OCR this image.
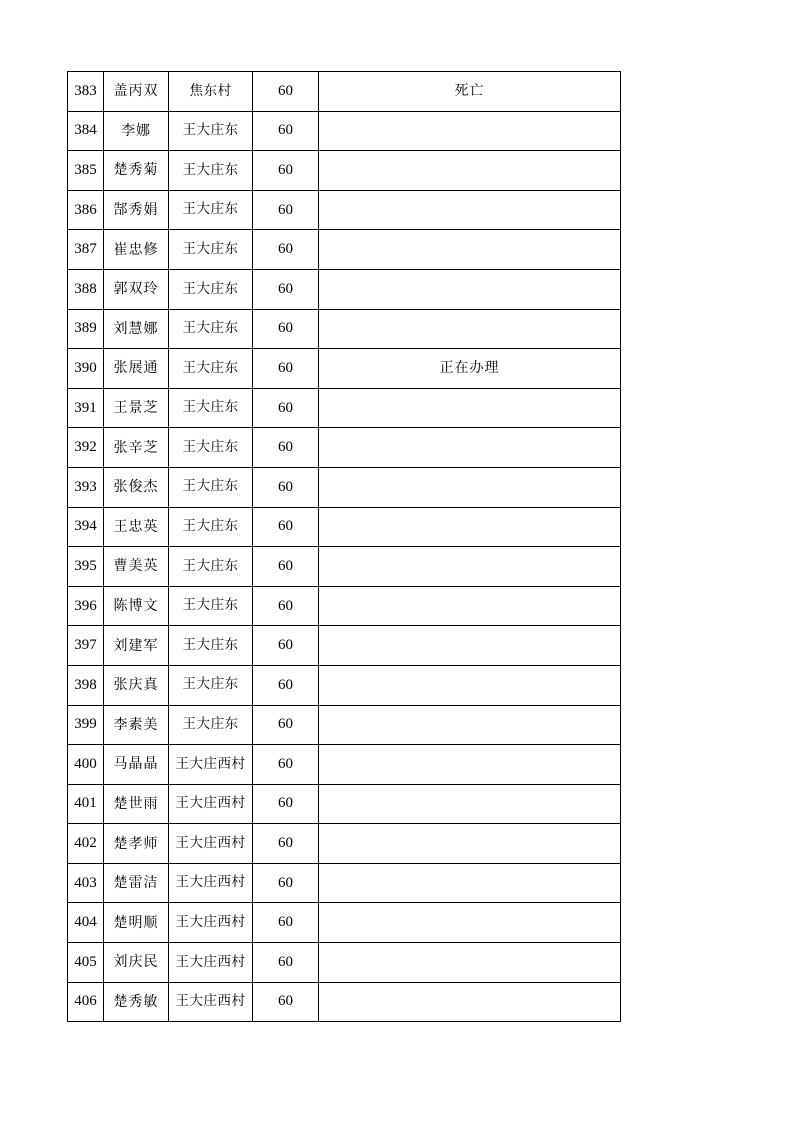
383	盖丙双	焦东村	60	死亡
384	李娜	王大庄东	60	
385	楚秀菊	王大庄东	60	
386	郜秀娟	王大庄东	60	
387	崔忠修	王大庄东	60	
388	郭双玲	王大庄东	60	
389	刘慧娜	王大庄东	60	
390	张展通	王大庄东	60	正在办理
391	王景芝	王大庄东	60	
392	张辛芝	王大庄东	60	
393	张俊杰	王大庄东	60	
394	王忠英	王大庄东	60	
395	曹美英	王大庄东	60	
396	陈博文	王大庄东	60	
397	刘建军	王大庄东	60	
398	张庆真	王大庄东	60	
399	李素美	王大庄东	60	
400	马晶晶	王大庄西村	60	
401	楚世雨	王大庄西村	60	
402	楚孝师	王大庄西村	60	
403	楚雷洁	王大庄西村	60	
404	楚明顺	王大庄西村	60	
405	刘庆民	王大庄西村	60	
406	楚秀敏	王大庄西村	60	
